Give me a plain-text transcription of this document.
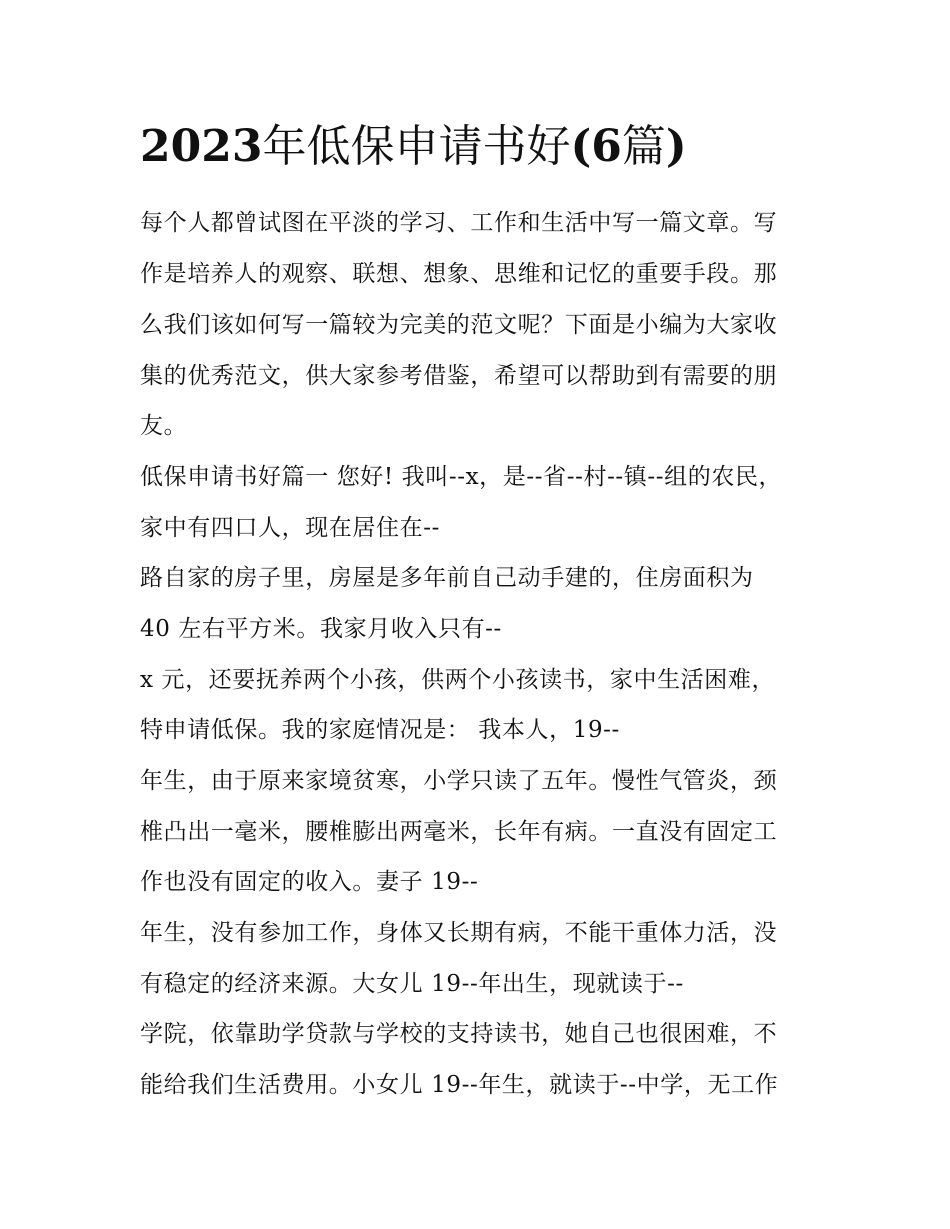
2023年低保申请书好(6篇)
每个人都曾试图在平淡的学习、工作和生活中写一篇文章。写
作是培养人的观察、联想、想象、思维和记忆的重要手段。那
么我们该如何写一篇较为完美的范文呢？下面是小编为大家收
集的优秀范文，供大家参考借鉴，希望可以帮助到有需要的朋
友。
低保申请书好篇一 您好! 我叫--x，是--省--村--镇--组的农民，
家中有四口人，现在居住在--
路自家的房子里，房屋是多年前自己动手建的，住房面积为
40 左右平方米。我家月收入只有--
x 元，还要抚养两个小孩，供两个小孩读书，家中生活困难，
特申请低保。我的家庭情况是： 我本人，19--
年生，由于原来家境贫寒，小学只读了五年。慢性气管炎，颈
椎凸出一毫米，腰椎膨出两毫米，长年有病。一直没有固定工
作也没有固定的收入。妻子 19--
年生，没有参加工作，身体又长期有病，不能干重体力活，没
有稳定的经济来源。大女儿 19--年出生，现就读于--
学院，依靠助学贷款与学校的支持读书，她自己也很困难，不
能给我们生活费用。小女儿 19--年生，就读于--中学，无工作
